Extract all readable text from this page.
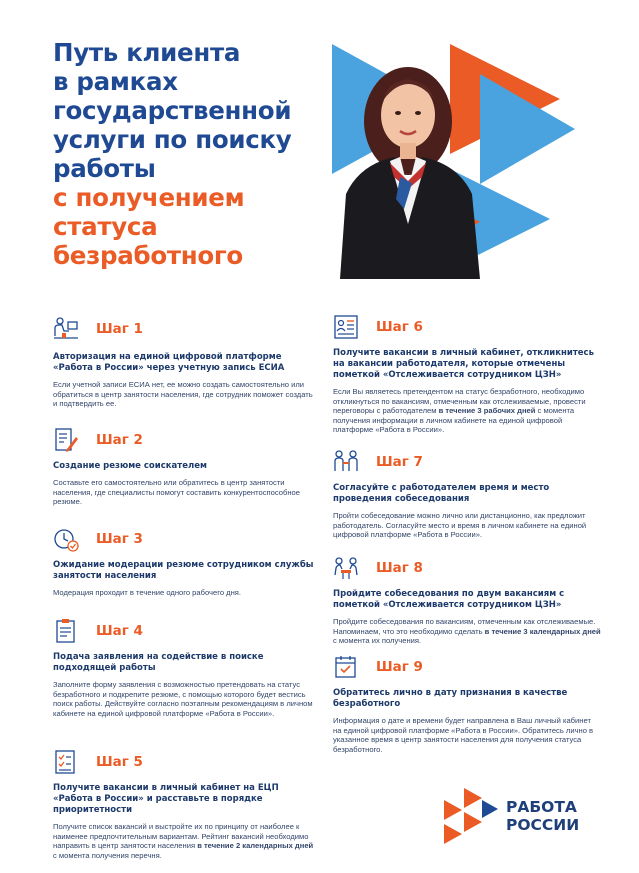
Путь клиента
в рамках
государственной
услуги по поиску
работы
с получением
статуса
безработного
Шаг 1
Авторизация на единой цифровой платформе «Работа в России» через учетную запись ЕСИА
Если учетной записи ЕСИА нет, ее можно создать самостоятельно или обратиться в центр занятости населения, где сотрудник поможет создать и подтвердить ее.
Шаг 2
Создание резюме соискателем
Составьте его самостоятельно или обратитесь в центр занятости населения, где специалисты помогут составить конкурентоспособное резюме.
Шаг 3
Ожидание модерации резюме сотрудником службы занятости населения
Модерация проходит в течение одного рабочего дня.
Шаг 4
Подача заявления на содействие в поиске подходящей работы
Заполните форму заявления с возможностью претендовать на статус безработного и подкрепите резюме, с помощью которого будет вестись поиск работы. Действуйте согласно поэтапным рекомендациям в личном кабинете на единой цифровой платформе «Работа в России».
Шаг 5
Получите вакансии в личный кабинет на ЕЦП «Работа в России» и расставьте в порядке приоритетности
Получите список вакансий и выстройте их по принципу от наиболее к наименее предпочтительным вариантам. Рейтинг вакансий необходимо направить в центр занятости населения в течение 2 календарных дней с момента получения перечня.
Шаг 6
Получите вакансии в личный кабинет, откликнитесь на вакансии работодателя, которые отмечены пометкой «Отслеживается сотрудником ЦЗН»
Если Вы являетесь претендентом на статус безработного, необходимо откликнуться по вакансиям, отмеченным как отслеживаемые, провести переговоры с работодателем в течение 3 рабочих дней с момента получения информации в личном кабинете на единой цифровой платформе «Работа в России».
Шаг 7
Согласуйте с работодателем время и место проведения собеседования
Пройти собеседование можно лично или дистанционно, как предложит работодатель. Согласуйте место и время в личном кабинете на единой цифровой платформе «Работа в России».
Шаг 8
Пройдите собеседования по двум вакансиям с пометкой «Отслеживается сотрудником ЦЗН»
Пройдите собеседования по вакансиям, отмеченным как отслеживаемые. Напоминаем, что это необходимо сделать в течение 3 календарных дней с момента их получения.
Шаг 9
Обратитесь лично в дату признания в качестве безработного
Информация о дате и времени будет направлена в Ваш личный кабинет на единой цифровой платформе «Работа в России». Обратитесь лично в указанное время в центр занятости населения для получения статуса безработного.
РАБОТА
РОССИИ
